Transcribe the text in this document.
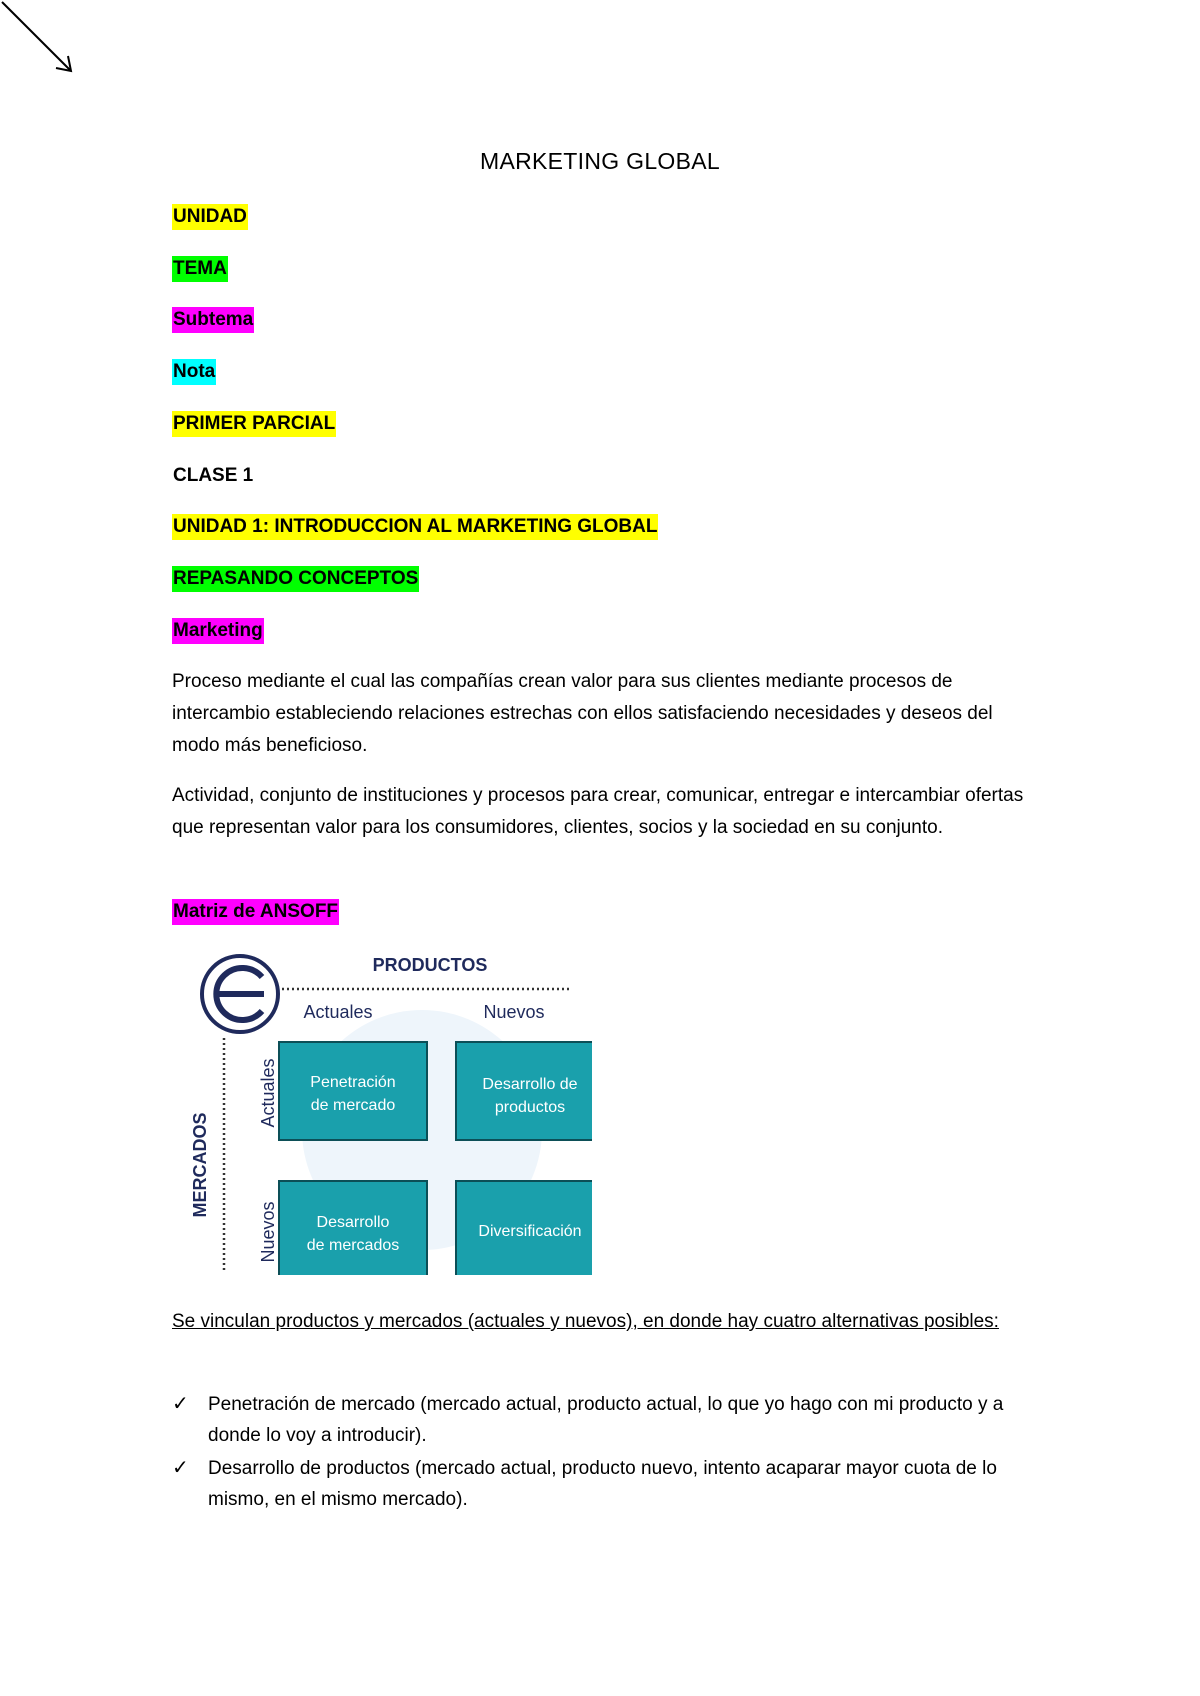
MARKETING GLOBAL
UNIDAD
TEMA
Subtema
Nota
PRIMER PARCIAL
CLASE 1
UNIDAD 1: INTRODUCCION AL MARKETING GLOBAL
REPASANDO CONCEPTOS
Marketing
Proceso mediante el cual las compañías crean valor para sus clientes mediante procesos de intercambio estableciendo relaciones estrechas con ellos satisfaciendo necesidades y deseos del modo más beneficioso.
Actividad, conjunto de instituciones y procesos para crear, comunicar, entregar e intercambiar ofertas que representan valor para los consumidores, clientes, socios y la sociedad en su conjunto.
Matriz de ANSOFF
Se vinculan productos y mercados (actuales y nuevos), en donde hay cuatro alternativas posibles:
✓ Penetración de mercado (mercado actual, producto actual, lo que yo hago con mi producto y a donde lo voy a introducir).
✓ Desarrollo de productos (mercado actual, producto nuevo, intento acaparar mayor cuota de lo mismo, en el mismo mercado).
PRODUCTOS
Actuales	Nuevos
MERCADOS
Actuales
Nuevos
Penetración
de mercado
Desarrollo de
productos
Desarrollo
de mercados
Diversificación
